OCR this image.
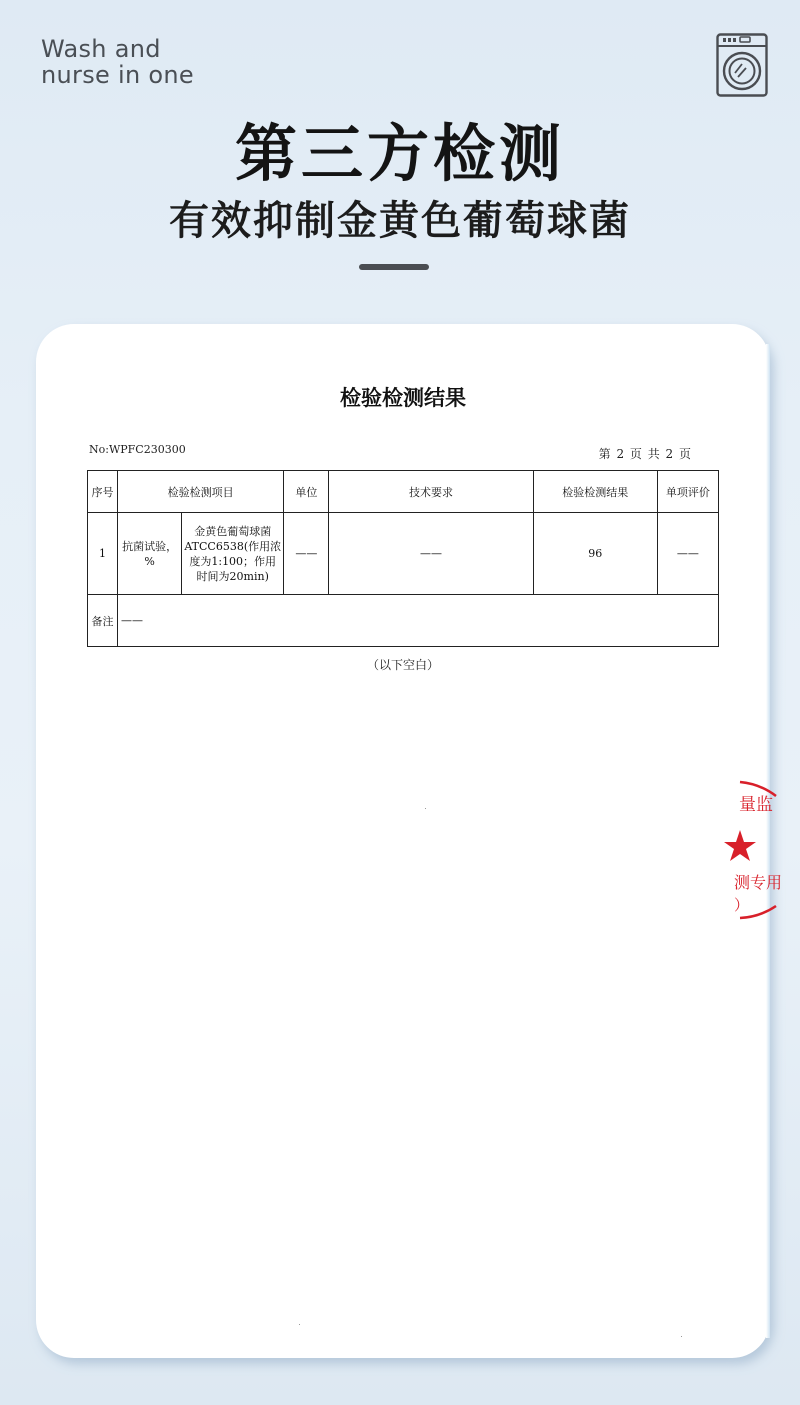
Wash and
nurse in one
第三方检测
有效抑制金黄色葡萄球菌
检验检测结果
No:WPFC230300	第 2 页 共 2 页
序号	检验检测项目		单位	技术要求	检验检测结果	单项评价
1	抗菌试验，%	金黄色葡萄球菌ATCC6538(作用浓度为1:100；作用时间为20min)	——	——	96	——
备注	——					
（以下空白）
量监
测专用
）
